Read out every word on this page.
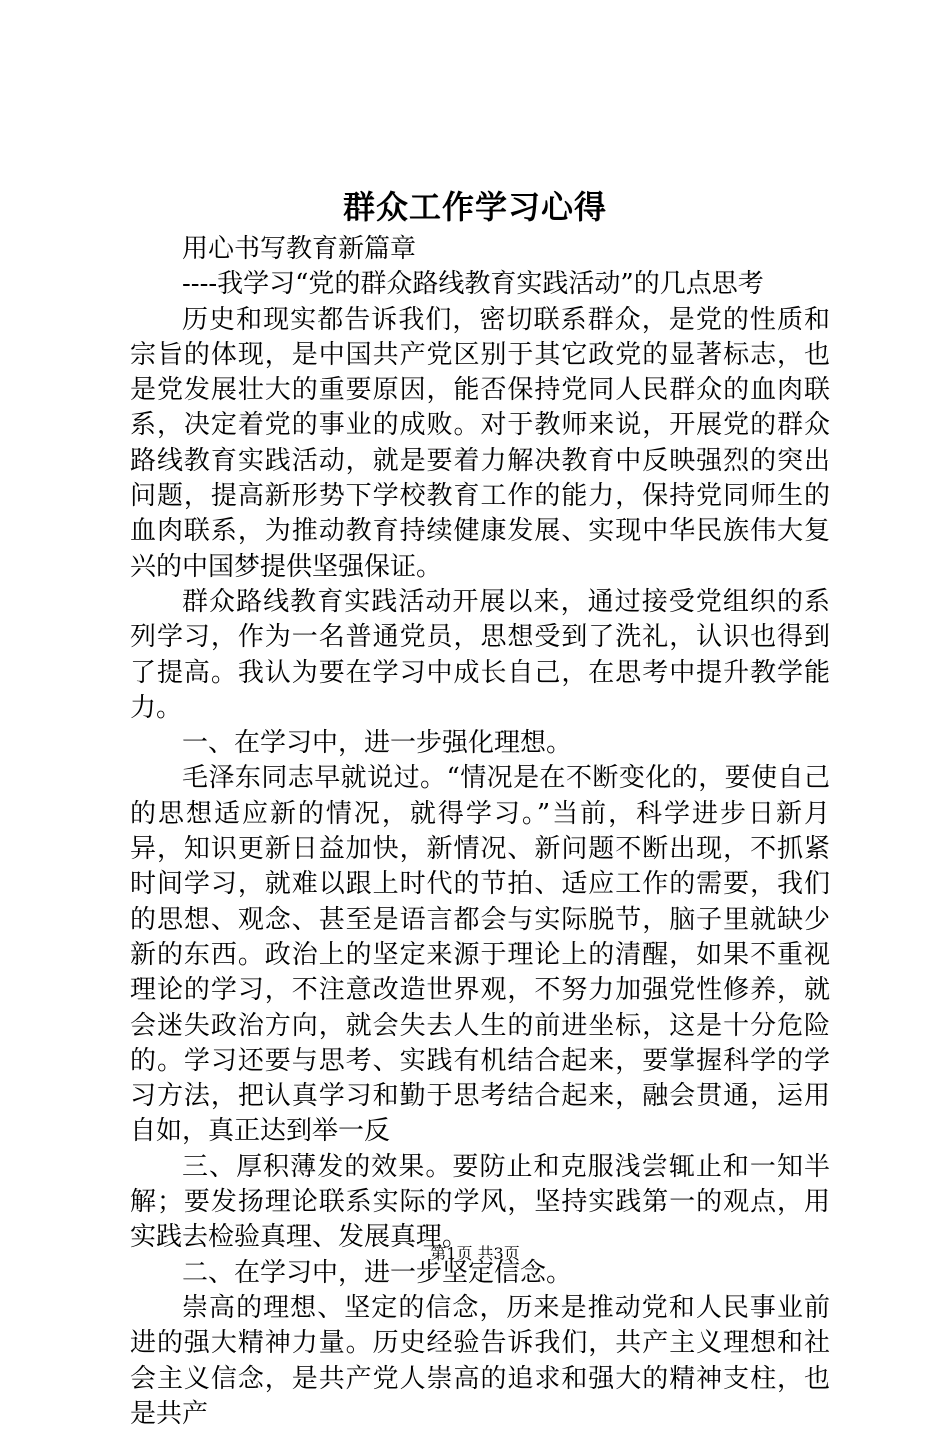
群众工作学习心得

用心书写教育新篇章

----我学习“党的群众路线教育实践活动”的几点思考

历史和现实都告诉我们，密切联系群众，是党的性质和宗旨的体现，是中国共产党区别于其它政党的显著标志，也是党发展壮大的重要原因，能否保持党同人民群众的血肉联系，决定着党的事业的成败。对于教师来说，开展党的群众路线教育实践活动，就是要着力解决教育中反映强烈的突出问题，提高新形势下学校教育工作的能力，保持党同师生的血肉联系，为推动教育持续健康发展、实现中华民族伟大复兴的中国梦提供坚强保证。

群众路线教育实践活动开展以来，通过接受党组织的系列学习，作为一名普通党员，思想受到了洗礼，认识也得到了提高。我认为要在学习中成长自己，在思考中提升教学能力。

一、在学习中，进一步强化理想。

毛泽东同志早就说过。“情况是在不断变化的，要使自己的思想适应新的情况，就得学习。”当前，科学进步日新月异，知识更新日益加快，新情况、新问题不断出现，不抓紧时间学习，就难以跟上时代的节拍、适应工作的需要，我们的思想、观念、甚至是语言都会与实际脱节，脑子里就缺少新的东西。政治上的坚定来源于理论上的清醒，如果不重视理论的学习，不注意改造世界观，不努力加强党性修养，就会迷失政治方向，就会失去人生的前进坐标，这是十分危险的。学习还要与思考、实践有机结合起来，要掌握科学的学习方法，把认真学习和勤于思考结合起来，融会贯通，运用自如，真正达到举一反

三、厚积薄发的效果。要防止和克服浅尝辄止和一知半解；要发扬理论联系实际的学风，坚持实践第一的观点，用实践去检验真理、发展真理。

二、在学习中，进一步坚定信念。

崇高的理想、坚定的信念，历来是推动党和人民事业前进的强大精神力量。历史经验告诉我们，共产主义理想和社会主义信念，是共产党人崇高的追求和强大的精神支柱，也是共产

第1页 共3页
